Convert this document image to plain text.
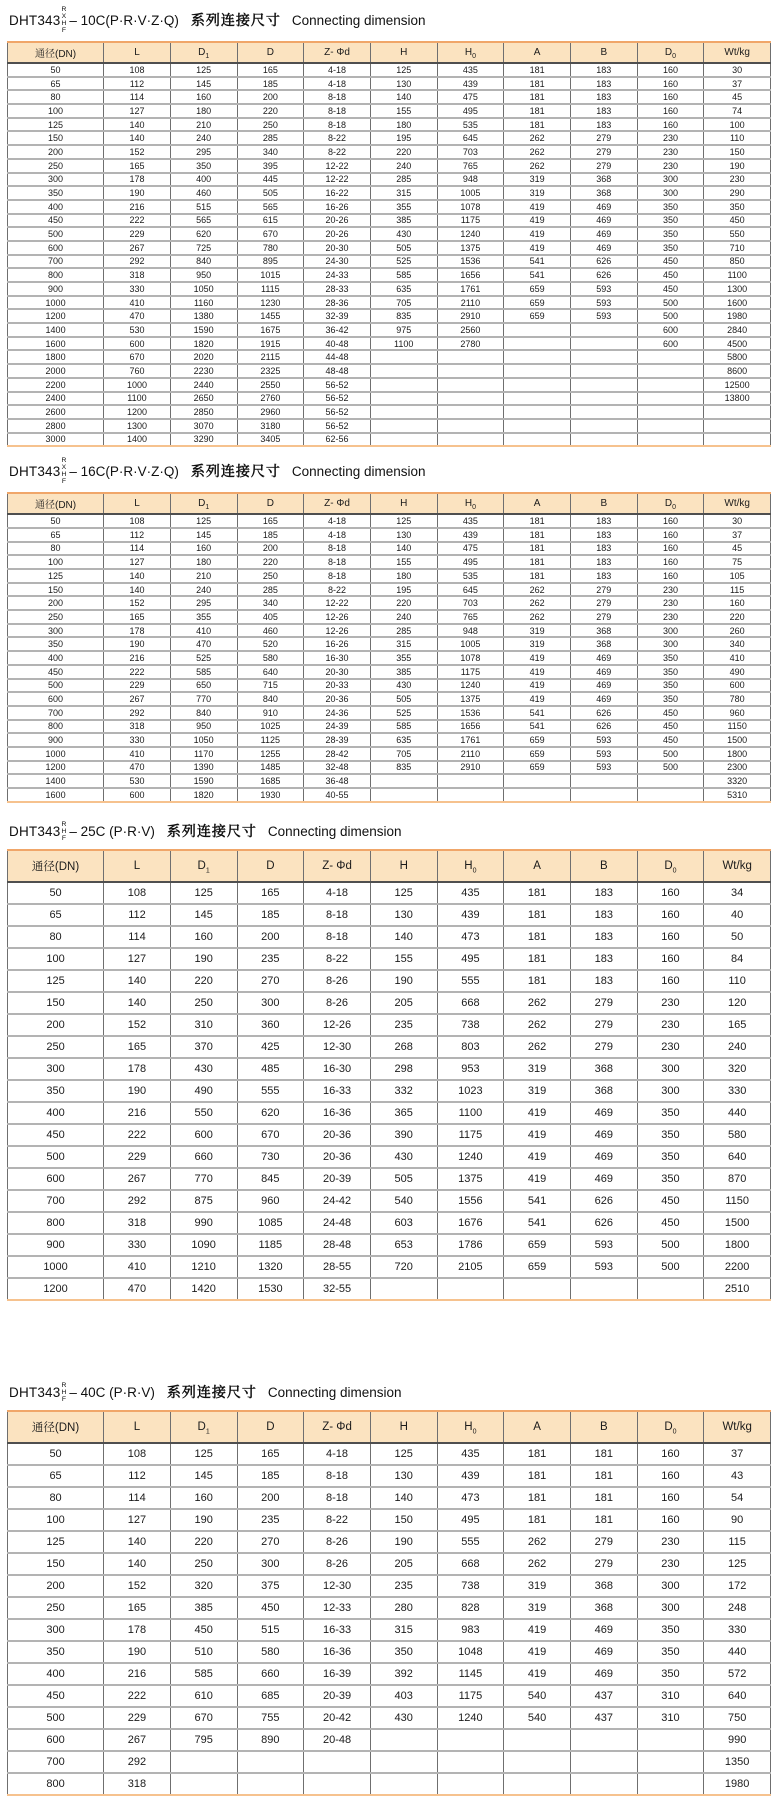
DHT343
R
X
H
F
– 10C(P·R·V·Z·Q) 系列连接尺寸 Connecting dimension
通径(DN)	L	$D_1$	D	Z- Φd	H	$H_0$	A	B	$D_0$	Wt/kg
50	108	125	165	4-18	125	435	181	183	160	30
65	112	145	185	4-18	130	439	181	183	160	37
80	114	160	200	8-18	140	475	181	183	160	45
100	127	180	220	8-18	155	495	181	183	160	74
125	140	210	250	8-18	180	535	181	183	160	100
150	140	240	285	8-22	195	645	262	279	230	110
200	152	295	340	8-22	220	703	262	279	230	150
250	165	350	395	12-22	240	765	262	279	230	190
300	178	400	445	12-22	285	948	319	368	300	230
350	190	460	505	16-22	315	1005	319	368	300	290
400	216	515	565	16-26	355	1078	419	469	350	350
450	222	565	615	20-26	385	1175	419	469	350	450
500	229	620	670	20-26	430	1240	419	469	350	550
600	267	725	780	20-30	505	1375	419	469	350	710
700	292	840	895	24-30	525	1536	541	626	450	850
800	318	950	1015	24-33	585	1656	541	626	450	1100
900	330	1050	1115	28-33	635	1761	659	593	450	1300
1000	410	1160	1230	28-36	705	2110	659	593	500	1600
1200	470	1380	1455	32-39	835	2910	659	593	500	1980
1400	530	1590	1675	36-42	975	2560			600	2840
1600	600	1820	1915	40-48	1100	2780			600	4500
1800	670	2020	2115	44-48						5800
2000	760	2230	2325	48-48						8600
2200	1000	2440	2550	56-52						12500
2400	1100	2650	2760	56-52						13800
2600	1200	2850	2960	56-52						
2800	1300	3070	3180	56-52						
3000	1400	3290	3405	62-56						
DHT343
R
X
H
F
– 16C(P·R·V·Z·Q) 系列连接尺寸 Connecting dimension
通径(DN)	L	$D_1$	D	Z- Φd	H	$H_0$	A	B	$D_0$	Wt/kg
50	108	125	165	4-18	125	435	181	183	160	30
65	112	145	185	4-18	130	439	181	183	160	37
80	114	160	200	8-18	140	475	181	183	160	45
100	127	180	220	8-18	155	495	181	183	160	75
125	140	210	250	8-18	180	535	181	183	160	105
150	140	240	285	8-22	195	645	262	279	230	115
200	152	295	340	12-22	220	703	262	279	230	160
250	165	355	405	12-26	240	765	262	279	230	220
300	178	410	460	12-26	285	948	319	368	300	260
350	190	470	520	16-26	315	1005	319	368	300	340
400	216	525	580	16-30	355	1078	419	469	350	410
450	222	585	640	20-30	385	1175	419	469	350	490
500	229	650	715	20-33	430	1240	419	469	350	600
600	267	770	840	20-36	505	1375	419	469	350	780
700	292	840	910	24-36	525	1536	541	626	450	960
800	318	950	1025	24-39	585	1656	541	626	450	1150
900	330	1050	1125	28-39	635	1761	659	593	450	1500
1000	410	1170	1255	28-42	705	2110	659	593	500	1800
1200	470	1390	1485	32-48	835	2910	659	593	500	2300
1400	530	1590	1685	36-48						3320
1600	600	1820	1930	40-55						5310
DHT343 R
H
F – 25C (P·R·V) 系列连接尺寸 Connecting dimension
通径(DN)	L	$D_1$	D	Z- Φd	H	$H_0$	A	B	$D_0$	Wt/kg
50	108	125	165	4-18	125	435	181	183	160	34
65	112	145	185	8-18	130	439	181	183	160	40
80	114	160	200	8-18	140	473	181	183	160	50
100	127	190	235	8-22	155	495	181	183	160	84
125	140	220	270	8-26	190	555	181	183	160	110
150	140	250	300	8-26	205	668	262	279	230	120
200	152	310	360	12-26	235	738	262	279	230	165
250	165	370	425	12-30	268	803	262	279	230	240
300	178	430	485	16-30	298	953	319	368	300	320
350	190	490	555	16-33	332	1023	319	368	300	330
400	216	550	620	16-36	365	1100	419	469	350	440
450	222	600	670	20-36	390	1175	419	469	350	580
500	229	660	730	20-36	430	1240	419	469	350	640
600	267	770	845	20-39	505	1375	419	469	350	870
700	292	875	960	24-42	540	1556	541	626	450	1150
800	318	990	1085	24-48	603	1676	541	626	450	1500
900	330	1090	1185	28-48	653	1786	659	593	500	1800
1000	410	1210	1320	28-55	720	2105	659	593	500	2200
1200	470	1420	1530	32-55						2510
DHT343 R
H
F – 40C (P·R·V) 系列连接尺寸 Connecting dimension
通径(DN)	L	$D_1$	D	Z- Φd	H	$H_0$	A	B	$D_0$	Wt/kg
50	108	125	165	4-18	125	435	181	181	160	37
65	112	145	185	8-18	130	439	181	181	160	43
80	114	160	200	8-18	140	473	181	181	160	54
100	127	190	235	8-22	150	495	181	181	160	90
125	140	220	270	8-26	190	555	262	279	230	115
150	140	250	300	8-26	205	668	262	279	230	125
200	152	320	375	12-30	235	738	319	368	300	172
250	165	385	450	12-33	280	828	319	368	300	248
300	178	450	515	16-33	315	983	419	469	350	330
350	190	510	580	16-36	350	1048	419	469	350	440
400	216	585	660	16-39	392	1145	419	469	350	572
450	222	610	685	20-39	403	1175	540	437	310	640
500	229	670	755	20-42	430	1240	540	437	310	750
600	267	795	890	20-48						990
700	292									1350
800	318									1980
